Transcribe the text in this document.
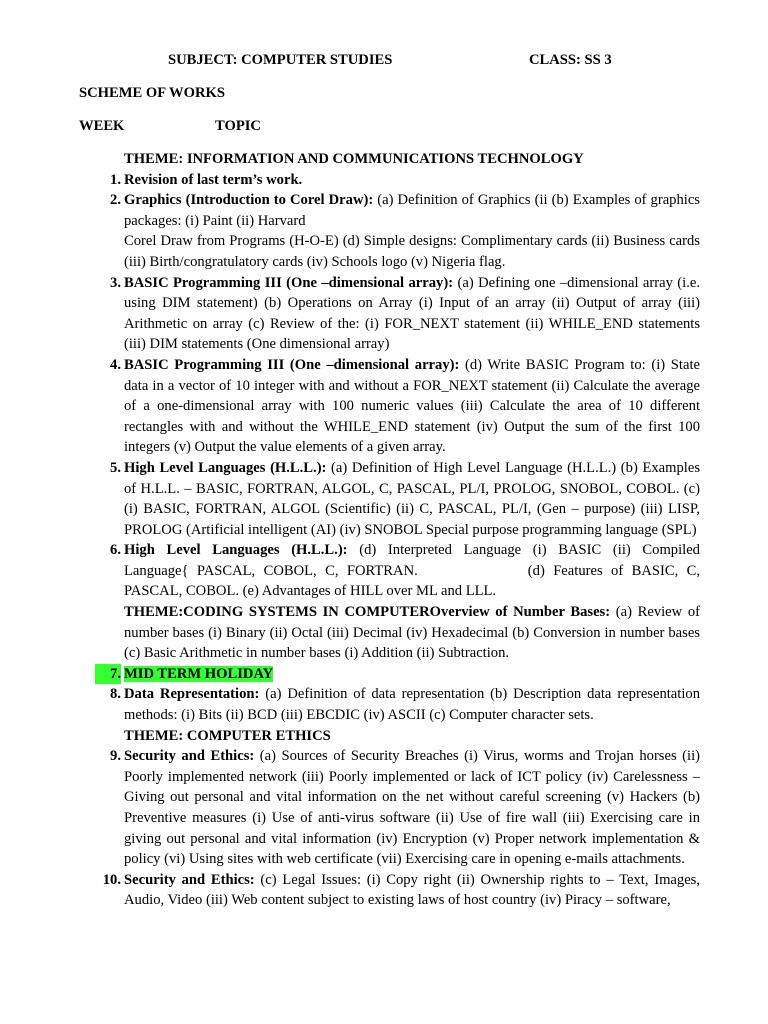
SUBJECT: COMPUTER STUDIES	CLASS: SS 3
SCHEME OF WORKS
WEEK	TOPIC
THEME: INFORMATION AND COMMUNICATIONS TECHNOLOGY
1. Revision of last term’s work.
2. Graphics (Introduction to Corel Draw): (a) Definition of Graphics (ii (b) Examples of graphics packages: (i) Paint (ii) Harvard
Corel Draw from Programs (H-O-E) (d) Simple designs: Complimentary cards (ii) Business cards (iii) Birth/congratulatory cards (iv) Schools logo (v) Nigeria flag.
3. BASIC Programming III (One –dimensional array): (a) Defining one –dimensional array (i.e. using DIM statement) (b) Operations on Array (i) Input of an array (ii) Output of array (iii) Arithmetic on array (c) Review of the: (i) FOR_NEXT statement (ii) WHILE_END statements (iii) DIM statements (One dimensional array)
4. BASIC Programming III (One –dimensional array): (d) Write BASIC Program to: (i) State data in a vector of 10 integer with and without a FOR_NEXT statement (ii) Calculate the average of a one-dimensional array with 100 numeric values (iii) Calculate the area of 10 different rectangles with and without the WHILE_END statement (iv) Output the sum of the first 100 integers (v) Output the value elements of a given array.
5. High Level Languages (H.L.L.): (a) Definition of High Level Language (H.L.L.) (b) Examples of H.L.L. – BASIC, FORTRAN, ALGOL, C, PASCAL, PL/I, PROLOG, SNOBOL, COBOL. (c) (i) BASIC, FORTRAN, ALGOL (Scientific) (ii) C, PASCAL, PL/I, (Gen – purpose) (iii) LISP, PROLOG (Artificial intelligent (AI) (iv) SNOBOL Special purpose programming language (SPL)
6. High Level Languages (H.L.L.): (d) Interpreted Language (i) BASIC (ii) Compiled
Language{ PASCAL, COBOL, C, FORTRAN.	(d) Features of BASIC, C,
PASCAL, COBOL. (e) Advantages of HILL over ML and LLL.
THEME:CODING SYSTEMS IN COMPUTEROverview of Number Bases: (a) Review of number bases (i) Binary (ii) Octal (iii) Decimal (iv) Hexadecimal (b) Conversion in number bases (c) Basic Arithmetic in number bases (i) Addition (ii) Subtraction.
7. MID TERM HOLIDAY
8. Data Representation: (a) Definition of data representation (b) Description data representation methods: (i) Bits (ii) BCD (iii) EBCDIC (iv) ASCII (c) Computer character sets.
THEME: COMPUTER ETHICS
9. Security and Ethics: (a) Sources of Security Breaches (i) Virus, worms and Trojan horses (ii) Poorly implemented network (iii) Poorly implemented or lack of ICT policy (iv) Carelessness – Giving out personal and vital information on the net without careful screening (v) Hackers (b) Preventive measures (i) Use of anti-virus software (ii) Use of fire wall (iii) Exercising care in giving out personal and vital information (iv) Encryption (v) Proper network implementation & policy (vi) Using sites with web certificate (vii) Exercising care in opening e-mails attachments.
10. Security and Ethics: (c) Legal Issues: (i) Copy right (ii) Ownership rights to – Text, Images, Audio, Video (iii) Web content subject to existing laws of host country (iv) Piracy – software,
